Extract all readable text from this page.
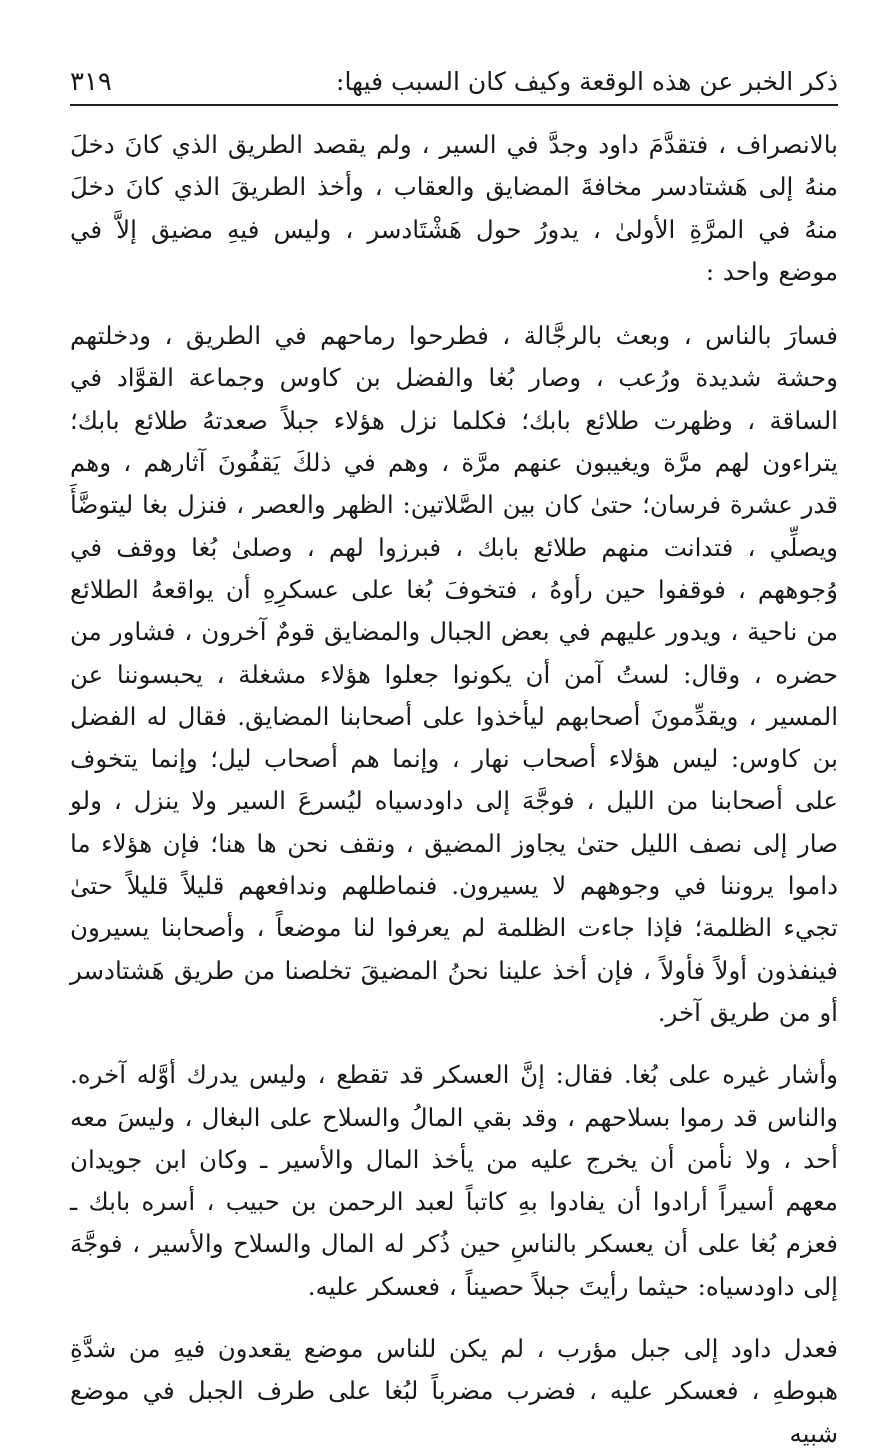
ذكر الخبر عن هذه الوقعة وكيف كان السبب فيها:
٣١٩

بالانصراف ، فتقدَّمَ داود وجدَّ في السير ، ولم يقصد الطريق الذي كانَ دخلَ منهُ إلى هَشتادسر مخافةَ المضايق والعقاب ، وأخذ الطريقَ الذي كانَ دخلَ منهُ في المرَّةِ الأولىٰ ، يدورُ حول هَشْتَادسر ، وليس فيهِ مضيق إلاَّ في موضع واحد :

فسارَ بالناس ، وبعث بالرجَّالة ، فطرحوا رماحهم في الطريق ، ودخلتهم وحشة شديدة ورُعب ، وصار بُغا والفضل بن كاوس وجماعة القوَّاد في الساقة ، وظهرت طلائع بابك؛ فكلما نزل هؤلاء جبلاً صعدتهُ طلائع بابك؛ يتراءون لهم مرَّة ويغيبون عنهم مرَّة ، وهم في ذلكَ يَقفُونَ آثارهم ، وهم قدر عشرة فرسان؛ حتىٰ كان بين الصَّلاتين: الظهر والعصر ، فنزل بغا ليتوضَّأَ ويصلِّي ، فتدانت منهم طلائع بابك ، فبرزوا لهم ، وصلىٰ بُغا ووقف في وُجوههم ، فوقفوا حين رأوهُ ، فتخوفَ بُغا على عسكرِهِ أن يواقعهُ الطلائع من ناحية ، ويدور عليهم في بعض الجبال والمضايق قومٌ آخرون ، فشاور من حضره ، وقال: لستُ آمن أن يكونوا جعلوا هؤلاء مشغلة ، يحبسوننا عن المسير ، ويقدِّمونَ أصحابهم ليأخذوا على أصحابنا المضايق. فقال له الفضل بن كاوس: ليس هؤلاء أصحاب نهار ، وإنما هم أصحاب ليل؛ وإنما يتخوف على أصحابنا من الليل ، فوجَّهَ إلى داودسياه ليُسرعَ السير ولا ينزل ، ولو صار إلى نصف الليل حتىٰ يجاوز المضيق ، ونقف نحن ها هنا؛ فإن هؤلاء ما داموا يروننا في وجوههم لا يسيرون. فنماطلهم وندافعهم قليلاً قليلاً حتىٰ تجيء الظلمة؛ فإذا جاءت الظلمة لم يعرفوا لنا موضعاً ، وأصحابنا يسيرون فينفذون أولاً فأولاً ، فإن أخذ علينا نحنُ المضيقَ تخلصنا من طريق هَشتادسر أو من طريق آخر.

وأشار غيره على بُغا. فقال: إنَّ العسكر قد تقطع ، وليس يدرك أوَّله آخره. والناس قد رموا بسلاحهم ، وقد بقي المالُ والسلاح على البغال ، وليسَ معه أحد ، ولا نأمن أن يخرج عليه من يأخذ المال والأسير ـ وكان ابن جويدان معهم أسيراً أرادوا أن يفادوا بهِ كاتباً لعبد الرحمن بن حبيب ، أسره بابك ـ فعزم بُغا على أن يعسكر بالناسِ حين ذُكر له المال والسلاح والأسير ، فوجَّهَ إلى داودسياه: حيثما رأيتَ جبلاً حصيناً ، فعسكر عليه.

فعدل داود إلى جبل مؤرب ، لم يكن للناس موضع يقعدون فيهِ من شدَّةِ هبوطهِ ، فعسكر عليه ، فضرب مضرباً لبُغا على طرف الجبل في موضع شبيه
